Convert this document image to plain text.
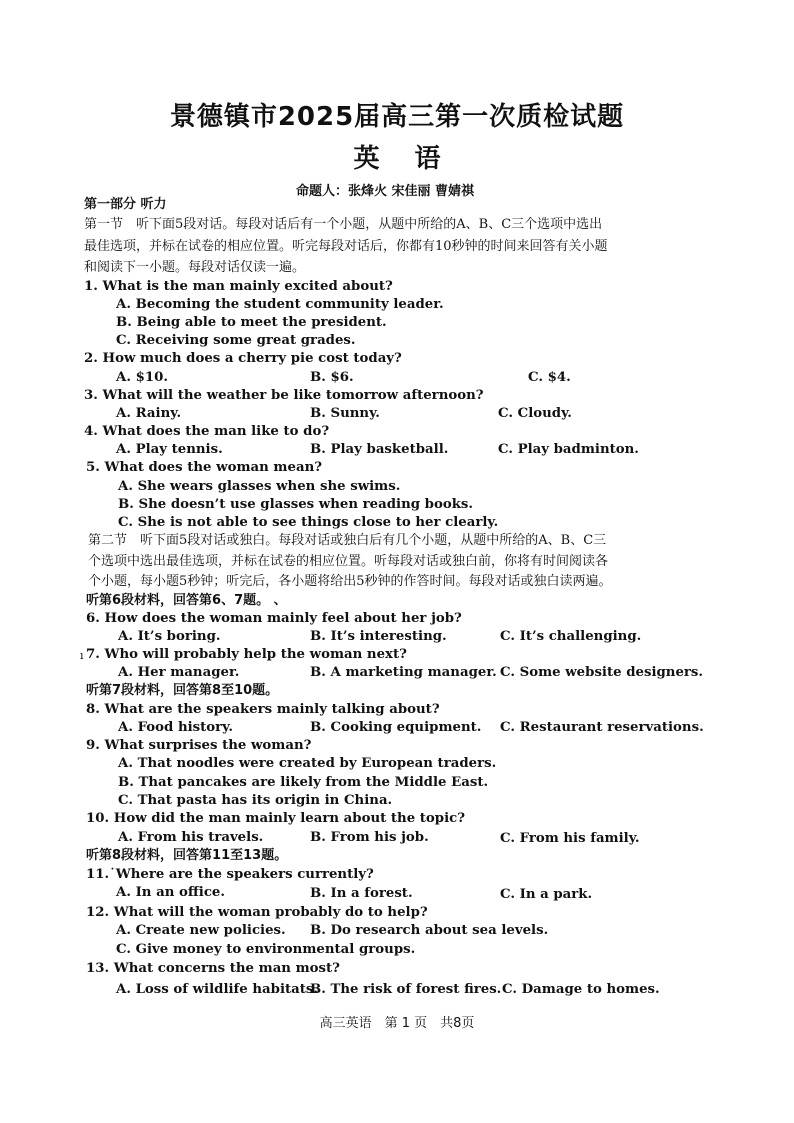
景德镇市2025届高三第一次质检试题
英 语
命题人：张烽火 宋佳丽 曹婧祺
第一部分 听力
第一节　听下面5段对话。每段对话后有一个小题，从题中所给的A、B、C三个选项中选出
最佳选项，并标在试卷的相应位置。听完每段对话后，你都有10秒钟的时间来回答有关小题
和阅读下一小题。每段对话仅读一遍。
1. What is the man mainly excited about?
A. Becoming the student community leader.
B. Being able to meet the president.
C. Receiving some great grades.
2. How much does a cherry pie cost today?
A. $10.	B. $6.	C. $4.
3. What will the weather be like tomorrow afternoon?
A. Rainy.	B. Sunny.	C. Cloudy.
4. What does the man like to do?
A. Play tennis.	B. Play basketball.	C. Play badminton.
5. What does the woman mean?
A. She wears glasses when she swims.
B. She doesn’t use glasses when reading books.
C. She is not able to see things close to her clearly.
第二节　听下面5段对话或独白。每段对话或独白后有几个小题，从题中所给的A、B、C三
个选项中选出最佳选项，并标在试卷的相应位置。听每段对话或独白前，你将有时间阅读各
个小题，每小题5秒钟；听完后，各小题将给出5秒钟的作答时间。每段对话或独白读两遍。
听第6段材料，回答第6、7题。 、
6. How does the woman mainly feel about her job?
A. It’s boring.	B. It’s interesting.	C. It’s challenging.
ı 7. Who will probably help the woman next?
A. Her manager.	B. A marketing manager. C. Some website designers.
听第7段材料，回答第8至10题。
8. What are the speakers mainly talking about?
A. Food history.	B. Cooking equipment. C. Restaurant reservations.
9. What surprises the woman?
A. That noodles were created by European traders.
B. That pancakes are likely from the Middle East.
C. That pasta has its origin in China.
10. How did the man mainly learn about the topic?
A. From his travels.	B. From his job.	C. From his family.
听第8段材料，回答第11至13题。
11.˙Where are the speakers currently?
A. In an office.	B. In a forest.	C. In a park.
12. What will the woman probably do to help?
A. Create new policies. B. Do research about sea levels.
C. Give money to environmental groups.
13. What concerns the man most?
A. Loss of wildlife habitats.
B. The risk of forest fires. C. Damage to homes.
高三英语　第 1 页　共8页
